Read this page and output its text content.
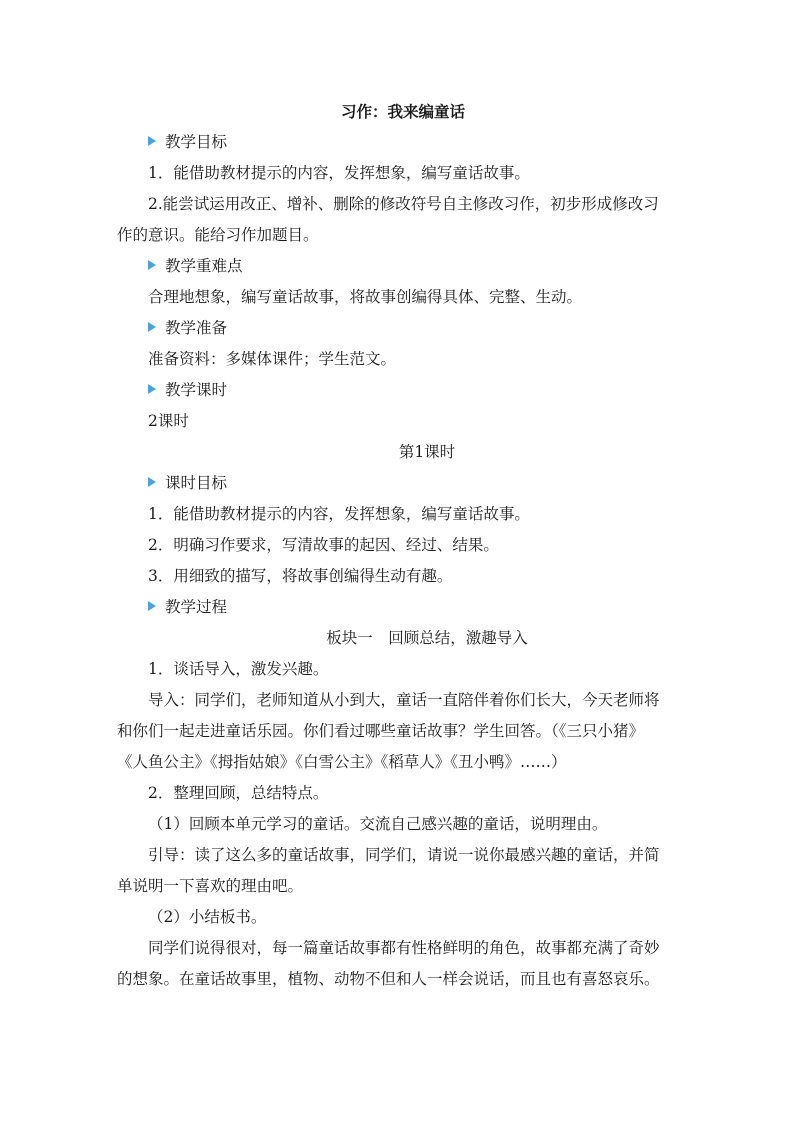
习作：我来编童话
教学目标
1．能借助教材提示的内容，发挥想象，编写童话故事。
2.能尝试运用改正、增补、删除的修改符号自主修改习作，初步形成修改习
作的意识。能给习作加题目。
教学重难点
合理地想象，编写童话故事，将故事创编得具体、完整、生动。
教学准备
准备资料：多媒体课件；学生范文。
教学课时
2课时
第1课时
课时目标
1．能借助教材提示的内容，发挥想象，编写童话故事。
2．明确习作要求，写清故事的起因、经过、结果。
3．用细致的描写，将故事创编得生动有趣。
教学过程
板块一　回顾总结，激趣导入
1．谈话导入，激发兴趣。
导入：同学们，老师知道从小到大，童话一直陪伴着你们长大，今天老师将
和你们一起走进童话乐园。你们看过哪些童话故事？学生回答。（《三只小猪》
《人鱼公主》《拇指姑娘》《白雪公主》《稻草人》《丑小鸭》……）
2．整理回顾，总结特点。
（1）回顾本单元学习的童话。交流自己感兴趣的童话，说明理由。
引导：读了这么多的童话故事，同学们，请说一说你最感兴趣的童话，并简
单说明一下喜欢的理由吧。
（2）小结板书。
同学们说得很对，每一篇童话故事都有性格鲜明的角色，故事都充满了奇妙
的想象。在童话故事里，植物、动物不但和人一样会说话，而且也有喜怒哀乐。
